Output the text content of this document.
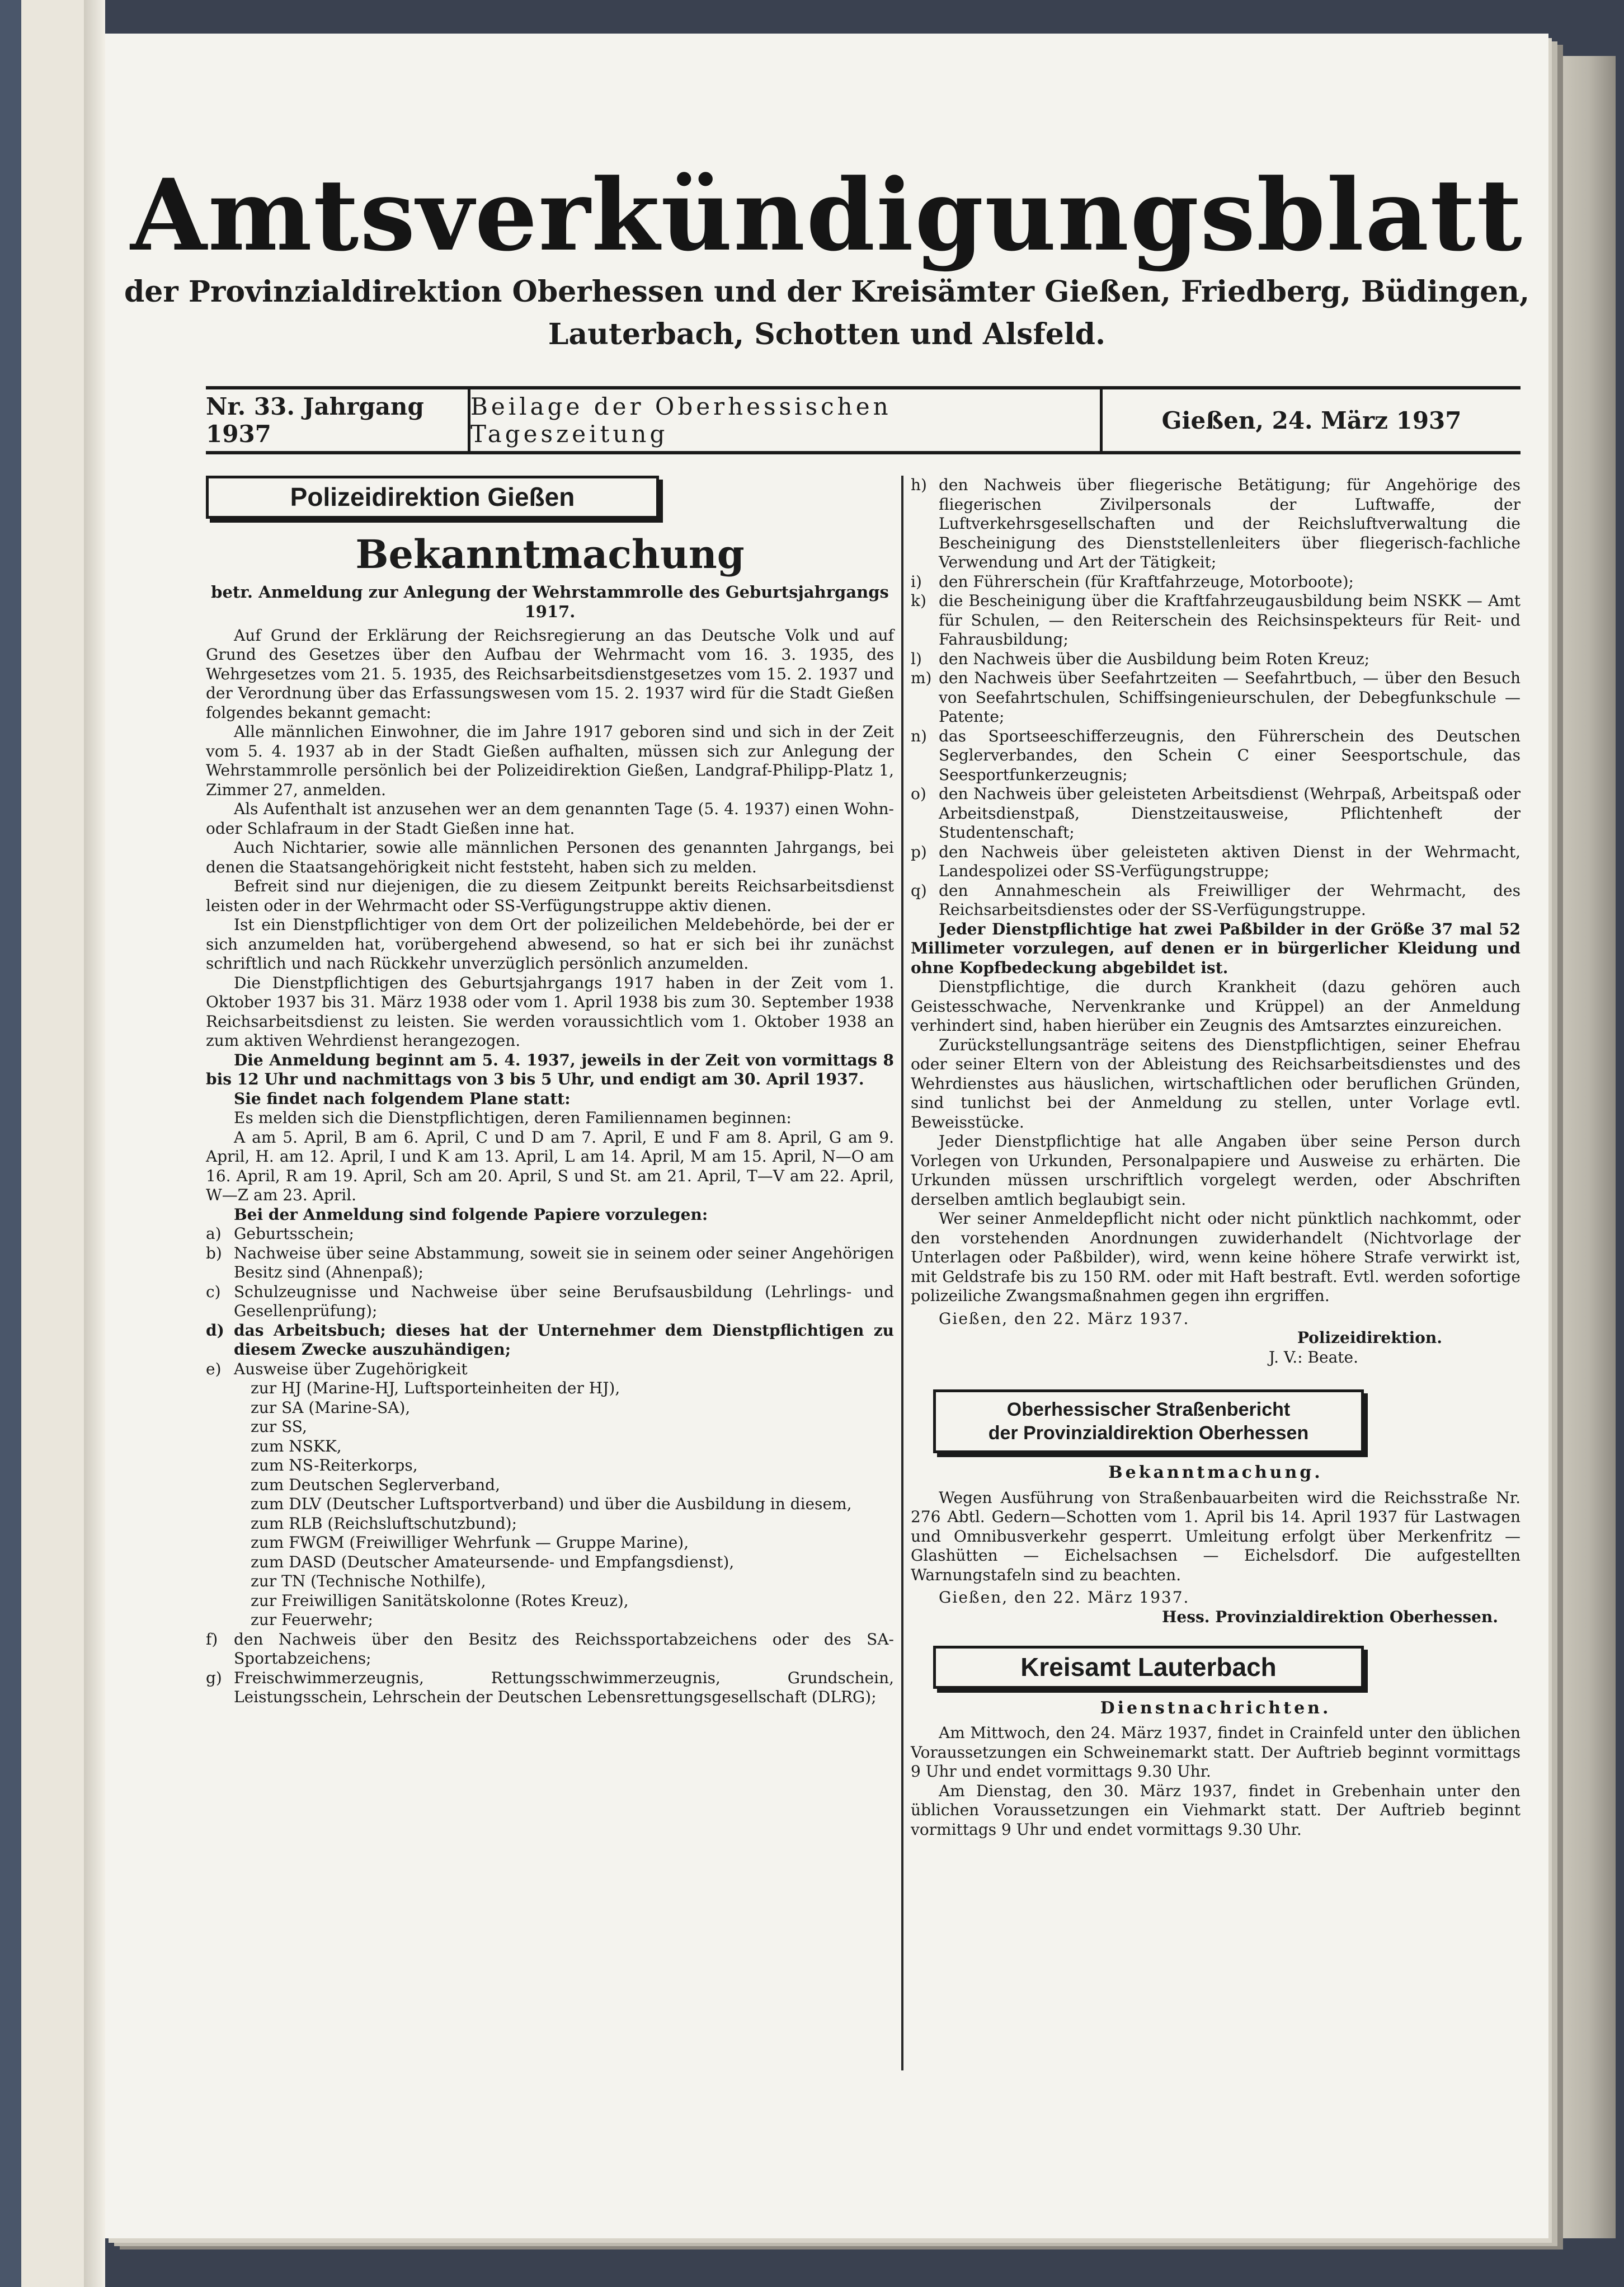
Amtsverkündigungsblatt
der Provinzialdirektion Oberhessen und der Kreisämter Gießen, Friedberg, Büdingen,
Lauterbach, Schotten und Alsfeld.
Nr. 33. Jahrgang 1937
Beilage der Oberhessischen Tageszeitung	Gießen, 24. März 1937
Polizeidirektion Gießen
Bekanntmachung
betr. Anmeldung zur Anlegung der Wehrstammrolle des Geburtsjahrgangs 1917.

Auf Grund der Erklärung der Reichsregierung an das Deutsche Volk und auf Grund des Gesetzes über den Aufbau der Wehrmacht vom 16. 3. 1935, des Wehrgesetzes vom 21. 5. 1935, des Reichsarbeitsdienstgesetzes vom 15. 2. 1937 und der Verordnung über das Erfassungswesen vom 15. 2. 1937 wird für die Stadt Gießen folgendes bekannt gemacht:

Alle männlichen Einwohner, die im Jahre 1917 geboren sind und sich in der Zeit vom 5. 4. 1937 ab in der Stadt Gießen aufhalten, müssen sich zur Anlegung der Wehrstammrolle persönlich bei der Polizeidirektion Gießen, Landgraf-Philipp-Platz 1, Zimmer 27, anmelden.

Als Aufenthalt ist anzusehen wer an dem genannten Tage (5. 4. 1937) einen Wohn- oder Schlafraum in der Stadt Gießen inne hat.

Auch Nichtarier, sowie alle männlichen Personen des genannten Jahrgangs, bei denen die Staatsangehörigkeit nicht feststeht, haben sich zu melden.

Befreit sind nur diejenigen, die zu diesem Zeitpunkt bereits Reichsarbeitsdienst leisten oder in der Wehrmacht oder SS-Verfügungstruppe aktiv dienen.

Ist ein Dienstpflichtiger von dem Ort der polizeilichen Meldebehörde, bei der er sich anzumelden hat, vorübergehend abwesend, so hat er sich bei ihr zunächst schriftlich und nach Rückkehr unverzüglich persönlich anzumelden.

Die Dienstpflichtigen des Geburtsjahrgangs 1917 haben in der Zeit vom 1. Oktober 1937 bis 31. März 1938 oder vom 1. April 1938 bis zum 30. September 1938 Reichsarbeitsdienst zu leisten. Sie werden voraussichtlich vom 1. Oktober 1938 an zum aktiven Wehrdienst herangezogen.

Die Anmeldung beginnt am 5. 4. 1937, jeweils in der Zeit von vormittags 8 bis 12 Uhr und nachmittags von 3 bis 5 Uhr, und endigt am 30. April 1937.

Sie findet nach folgendem Plane statt:

Es melden sich die Dienstpflichtigen, deren Familiennamen beginnen:

A am 5. April, B am 6. April, C und D am 7. April, E und F am 8. April, G am 9. April, H. am 12. April, I und K am 13. April, L am 14. April, M am 15. April, N—O am 16. April, R am 19. April, Sch am 20. April, S und St. am 21. April, T—V am 22. April, W—Z am 23. April.

Bei der Anmeldung sind folgende Papiere vorzulegen:

a) Geburtsschein;
b) Nachweise über seine Abstammung, soweit sie in seinem oder seiner Angehörigen Besitz sind (Ahnenpaß);
c) Schulzeugnisse und Nachweise über seine Berufsausbildung (Lehrlings- und Gesellenprüfung);
d) das Arbeitsbuch; dieses hat der Unternehmer dem Dienstpflichtigen zu diesem Zwecke auszuhändigen;
e) Ausweise über Zugehörigkeit
zur HJ (Marine-HJ, Luftsporteinheiten der HJ),
zur SA (Marine-SA),
zur SS,
zum NSKK,
zum NS-Reiterkorps,
zum Deutschen Seglerverband,
zum DLV (Deutscher Luftsportverband) und über die Ausbildung in diesem,
zum RLB (Reichsluftschutzbund);
zum FWGM (Freiwilliger Wehrfunk — Gruppe Marine),
zum DASD (Deutscher Amateursende- und Empfangsdienst),
zur TN (Technische Nothilfe),
zur Freiwilligen Sanitätskolonne (Rotes Kreuz),
zur Feuerwehr;
f)	den Nachweis über den Besitz des Reichssportabzeichens oder des SA-Sportabzeichens;
g) Freischwimmerzeugnis, Rettungsschwimmerzeugnis, Grundschein, Leistungsschein, Lehrschein der Deutschen Lebensrettungsgesellschaft (DLRG);
h) den Nachweis über fliegerische Betätigung; für Angehörige des fliegerischen Zivilpersonals der Luftwaffe, der Luftverkehrsgesellschaften und der Reichsluftverwaltung die Bescheinigung des Dienststellenleiters über fliegerisch-fachliche Verwendung und Art der Tätigkeit;
i)	den Führerschein (für Kraftfahrzeuge, Motorboote);
k) die Bescheinigung über die Kraftfahrzeugausbildung beim NSKK — Amt für Schulen, — den Reiterschein des Reichsinspekteurs für Reit- und Fahrausbildung;
l)	den Nachweis über die Ausbildung beim Roten Kreuz;
m) den Nachweis über Seefahrtzeiten — Seefahrtbuch, — über den Besuch von Seefahrtschulen, Schiffsingenieurschulen, der Debegfunkschule — Patente;
n) das Sportseeschifferzeugnis, den Führerschein des Deutschen Seglerverbandes, den Schein C einer Seesportschule, das Seesportfunkerzeugnis;
o) den Nachweis über geleisteten Arbeitsdienst (Wehrpaß, Arbeitspaß oder Arbeitsdienstpaß, Dienstzeitausweise, Pflichtenheft der Studentenschaft;
p) den Nachweis über geleisteten aktiven Dienst in der Wehrmacht, Landespolizei oder SS-Verfügungstruppe;
q) den Annahmeschein als Freiwilliger der Wehrmacht, des Reichsarbeitsdienstes oder der SS-Verfügungstruppe.

Jeder Dienstpflichtige hat zwei Paßbilder in der Größe 37 mal 52 Millimeter vorzulegen, auf denen er in bürgerlicher Kleidung und ohne Kopfbedeckung abgebildet ist.

Dienstpflichtige, die durch Krankheit (dazu gehören auch Geistesschwache, Nervenkranke und Krüppel) an der Anmeldung verhindert sind, haben hierüber ein Zeugnis des Amtsarztes einzureichen.

Zurückstellungsanträge seitens des Dienstpflichtigen, seiner Ehefrau oder seiner Eltern von der Ableistung des Reichsarbeitsdienstes und des Wehrdienstes aus häuslichen, wirtschaftlichen oder beruflichen Gründen, sind tunlichst bei der Anmeldung zu stellen, unter Vorlage evtl. Beweisstücke.

Jeder Dienstpflichtige hat alle Angaben über seine Person durch Vorlegen von Urkunden, Personalpapiere und Ausweise zu erhärten. Die Urkunden müssen urschriftlich vorgelegt werden, oder Abschriften derselben amtlich beglaubigt sein.

Wer seiner Anmeldepflicht nicht oder nicht pünktlich nachkommt, oder den vorstehenden Anordnungen zuwiderhandelt (Nichtvorlage der Unterlagen oder Paßbilder), wird, wenn keine höhere Strafe verwirkt ist, mit Geldstrafe bis zu 150 RM. oder mit Haft bestraft. Evtl. werden sofortige polizeiliche Zwangsmaßnahmen gegen ihn ergriffen.

Gießen, den 22. März 1937.
Polizeidirektion.
J. V.: Beate.
Oberhessischer Straßenbericht
der Provinzialdirektion Oberhessen
Bekanntmachung.

Wegen Ausführung von Straßenbauarbeiten wird die Reichsstraße Nr. 276 Abtl. Gedern—Schotten vom 1. April bis 14. April 1937 für Lastwagen und Omnibusverkehr gesperrt. Umleitung erfolgt über Merkenfritz — Glashütten — Eichelsachsen — Eichelsdorf. Die aufgestellten Warnungstafeln sind zu beachten.

Gießen, den 22. März 1937.
Hess. Provinzialdirektion Oberhessen.
Kreisamt Lauterbach
Dienstnachrichten.

Am Mittwoch, den 24. März 1937, findet in Crainfeld unter den üblichen Voraussetzungen ein Schweinemarkt statt. Der Auftrieb beginnt vormittags 9 Uhr und endet vormittags 9.30 Uhr.

Am Dienstag, den 30. März 1937, findet in Grebenhain unter den üblichen Voraussetzungen ein Viehmarkt statt. Der Auftrieb beginnt vormittags 9 Uhr und endet vormittags 9.30 Uhr.
